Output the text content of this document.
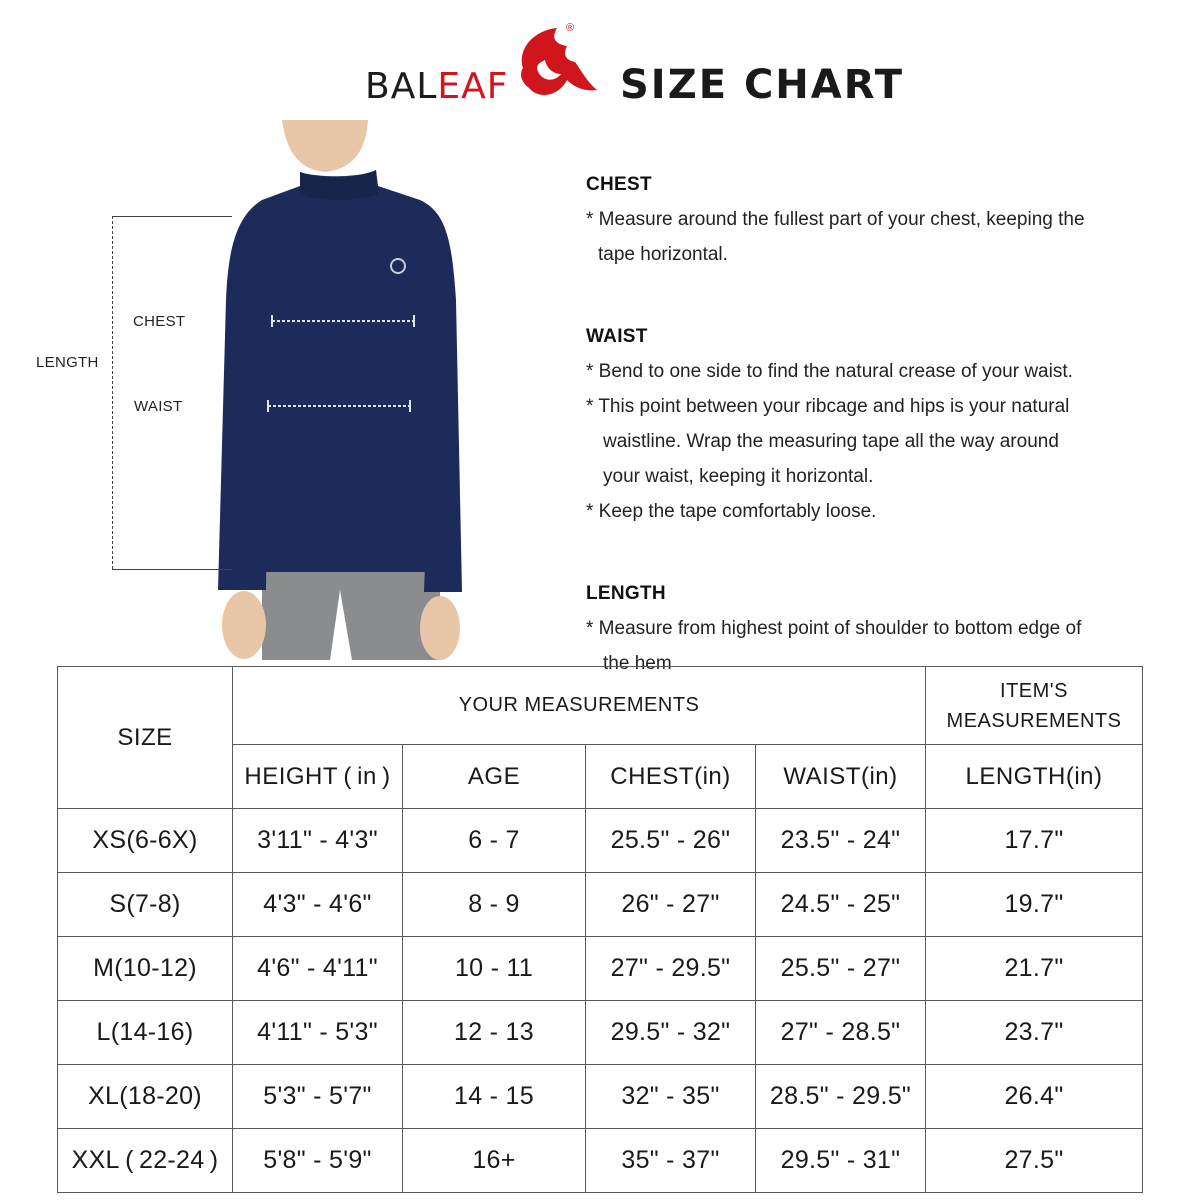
BALEAF
®
SIZE CHART
LENGTH
CHEST
WAIST
CHEST

* Measure around the fullest part of your chest, keeping the

tape horizontal.

WAIST

* Bend to one side to find the natural crease of your waist.

* This point between your ribcage and hips is your natural

waistline. Wrap the measuring tape all the way around

your waist, keeping it horizontal.

* Keep the tape comfortably loose.

LENGTH

* Measure from highest point of shoulder to bottom edge of

the hem

SIZE	YOUR MEASUREMENTS				ITEM'S
MEASUREMENTS
	HEIGHT ( in )	AGE	CHEST(in)	WAIST(in)	LENGTH(in)
XS(6-6X)	3'11" - 4'3"	6 - 7	25.5" - 26"	23.5" - 24"	17.7"
S(7-8)	4'3" - 4'6"	8 - 9	26" - 27"	24.5" - 25"	19.7"
M(10-12)	4'6" - 4'11"	10 - 11	27" - 29.5"	25.5" - 27"	21.7"
L(14-16)	4'11" - 5'3"	12 - 13	29.5" - 32"	27" - 28.5"	23.7"
XL(18-20)	5'3" - 5'7"	14 - 15	32" - 35"	28.5" - 29.5"	26.4"
XXL ( 22-24 )	5'8" - 5'9"	16+	35" - 37"	29.5" - 31"	27.5"
